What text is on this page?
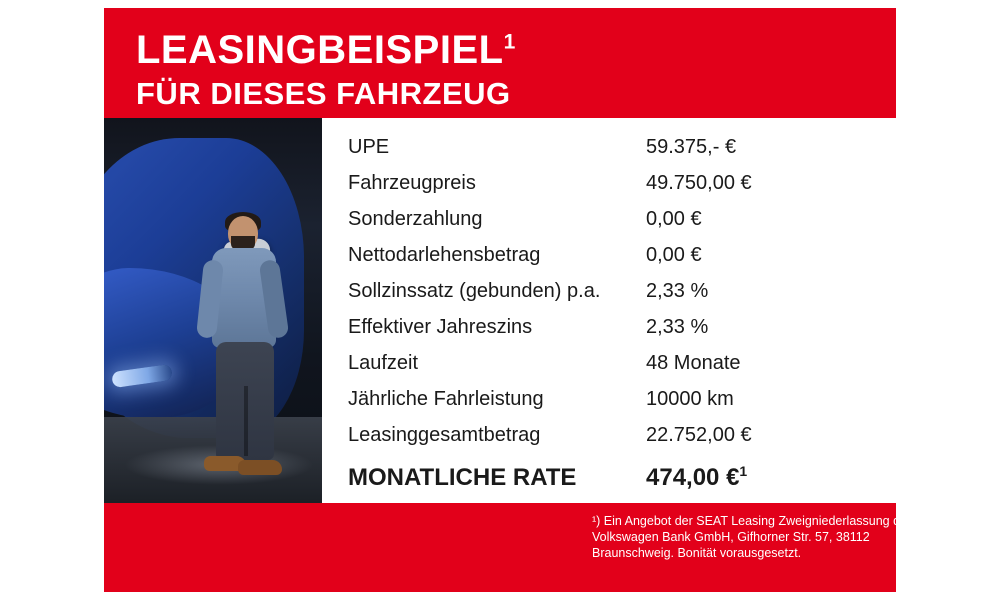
LEASINGBEISPIEL$^1$
FÜR DIESES FAHRZEUG
UPE	59.375,- €
Fahrzeugpreis	49.750,00 €
Sonderzahlung	0,00 €
Nettodarlehensbetrag	0,00 €
Sollzinssatz (gebunden) p.a.	2,33 %
Effektiver Jahreszins	2,33 %
Laufzeit	48 Monate
Jährliche Fahrleistung	10000 km
Leasinggesamtbetrag	22.752,00 €
MONATLICHE RATE	474,00 €$^1$
¹) Ein Angebot der SEAT Leasing Zweigniederlassung der
Volkswagen Bank GmbH, Gifhorner Str. 57, 38112
Braunschweig. Bonität vorausgesetzt.
